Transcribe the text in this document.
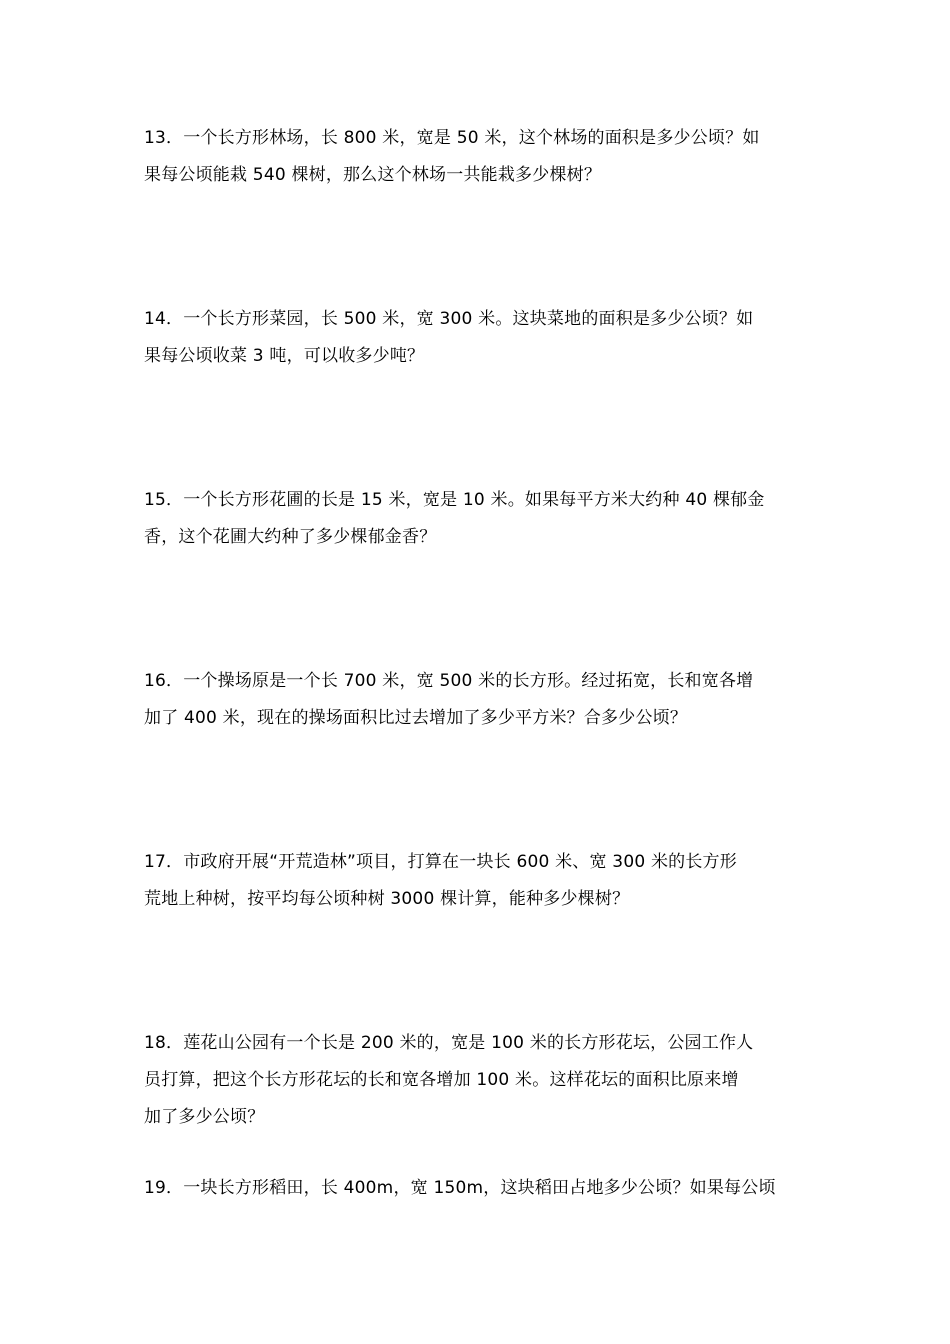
13．一个长方形林场，长 800 米，宽是 50 米，这个林场的面积是多少公顷？如
果每公顷能栽 540 棵树，那么这个林场一共能栽多少棵树？

14．一个长方形菜园，长 500 米，宽 300 米。这块菜地的面积是多少公顷？如
果每公顷收菜 3 吨，可以收多少吨？

15．一个长方形花圃的长是 15 米，宽是 10 米。如果每平方米大约种 40 棵郁金
香，这个花圃大约种了多少棵郁金香？

16．一个操场原是一个长 700 米，宽 500 米的长方形。经过拓宽，长和宽各增
加了 400 米，现在的操场面积比过去增加了多少平方米？合多少公顷？

17．市政府开展“开荒造林”项目，打算在一块长 600 米、宽 300 米的长方形
荒地上种树，按平均每公顷种树 3000 棵计算，能种多少棵树？

18．莲花山公园有一个长是 200 米的，宽是 100 米的长方形花坛，公园工作人
员打算，把这个长方形花坛的长和宽各增加 100 米。这样花坛的面积比原来增
加了多少公顷？

19．一块长方形稻田，长 400m，宽 150m，这块稻田占地多少公顷？如果每公顷
